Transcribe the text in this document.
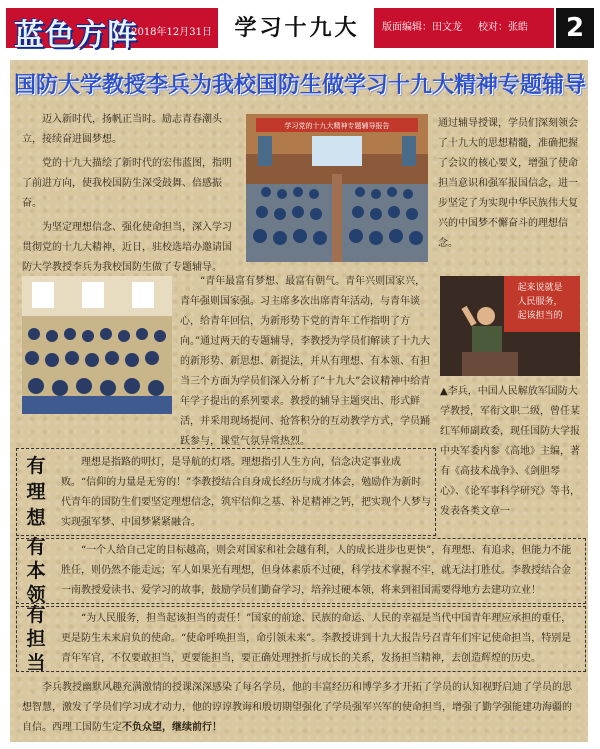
蓝色方阵
2018年12月31日	学习十九大	版面编辑：田文龙 校对：张皓	2
国防大学教授李兵为我校国防生做学习十九大精神专题辅导

迈入新时代，扬帆正当时。励志青春潮头立，接续奋进圆梦想。

党的十九大描绘了新时代的宏伟蓝图，指明了前进方向，使我校国防生深受鼓舞、倍感振奋。

为坚定理想信念、强化使命担当，深入学习贯彻党的十九大精神，近日，驻校选培办邀请国防大学教授李兵为我校国防生做了专题辅导。

学习党的十九大精神专题辅导报告	通过辅导授课，学员们深刻领会了十九大的思想精髓，准确把握了会议的核心要义，增强了使命担当意识和强军报国信念，进一步坚定了为实现中华民族伟大复兴的中国梦不懈奋斗的理想信念。
“青年最富有梦想、最富有朝气。青年兴则国家兴，青年强则国家强。习主席多次出席青年活动，与青年谈心，给青年回信，为新形势下党的青年工作指明了方向。”通过两天的专题辅导，李教授为学员们解读了十九大的新形势、新思想、新提法，并从有理想、有本领、有担当三个方面为学员们深入分析了“十九大”会议精神中给青年学子提出的系列要求。教授的辅导主题突出、形式鲜活，并采用现场提问、抢答积分的互动教学方式，学员踊跃参与，课堂气氛异常热烈。
起来说就是
人民服务，
起该担当的
▲李兵，中国人民解放军国防大学教授，军衔文职二级，曾任某红军师副政委，现任国防大学报中央军委内参《高地》主编，著有《高技术战争》、《剑胆琴心》、《论军事科学研究》等书，发表各类文章一
有
理
想
理想是指路的明灯，是导航的灯塔。理想指引人生方向，信念决定事业成败。“信仰的力量是无穷的！”李教授结合自身成长经历与成才体会，勉励作为新时代青年的国防生们要坚定理想信念，筑牢信仰之基、补足精神之钙，把实现个人梦与实现强军梦、中国梦紧紧融合。
有
本
领
“一个人给自己定的目标越高，则会对国家和社会越有利，人的成长进步也更快”，有理想、有追求，但能力不能胜任，则仍然不能走远；军人如果光有理想，但身体素质不过硬，科学技术掌握不牢，就无法打胜仗。李教授结合金一南教授爱读书、爱学习的故事，鼓励学员们勤奋学习，培养过硬本领，将来到祖国需要得地方去建功立业！
有
担
当
“为人民服务，担当起该担当的责任！”国家的前途、民族的命运、人民的幸福是当代中国青年理应承担的重任，更是防生未来肩负的使命。“使命呼唤担当，命引领未来”。李教授讲到十九大报告号召青年们牢记使命担当，特别是青年军官，不仅要敢担当，更要能担当，要正确处理挫折与成长的关系，发扬担当精神，去创造辉煌的历史。
李兵教授幽默风趣充满激情的授课深深感染了每名学员，他的丰富经历和博学多才开拓了学员的认知视野启迪了学员的思想智慧，激发了学员们学习成才动力，他的谆谆教诲和殷切期望强化了学员强军兴军的使命担当，增强了勤学强能建功海疆的自信。西理工国防生定不负众望，继续前行！
